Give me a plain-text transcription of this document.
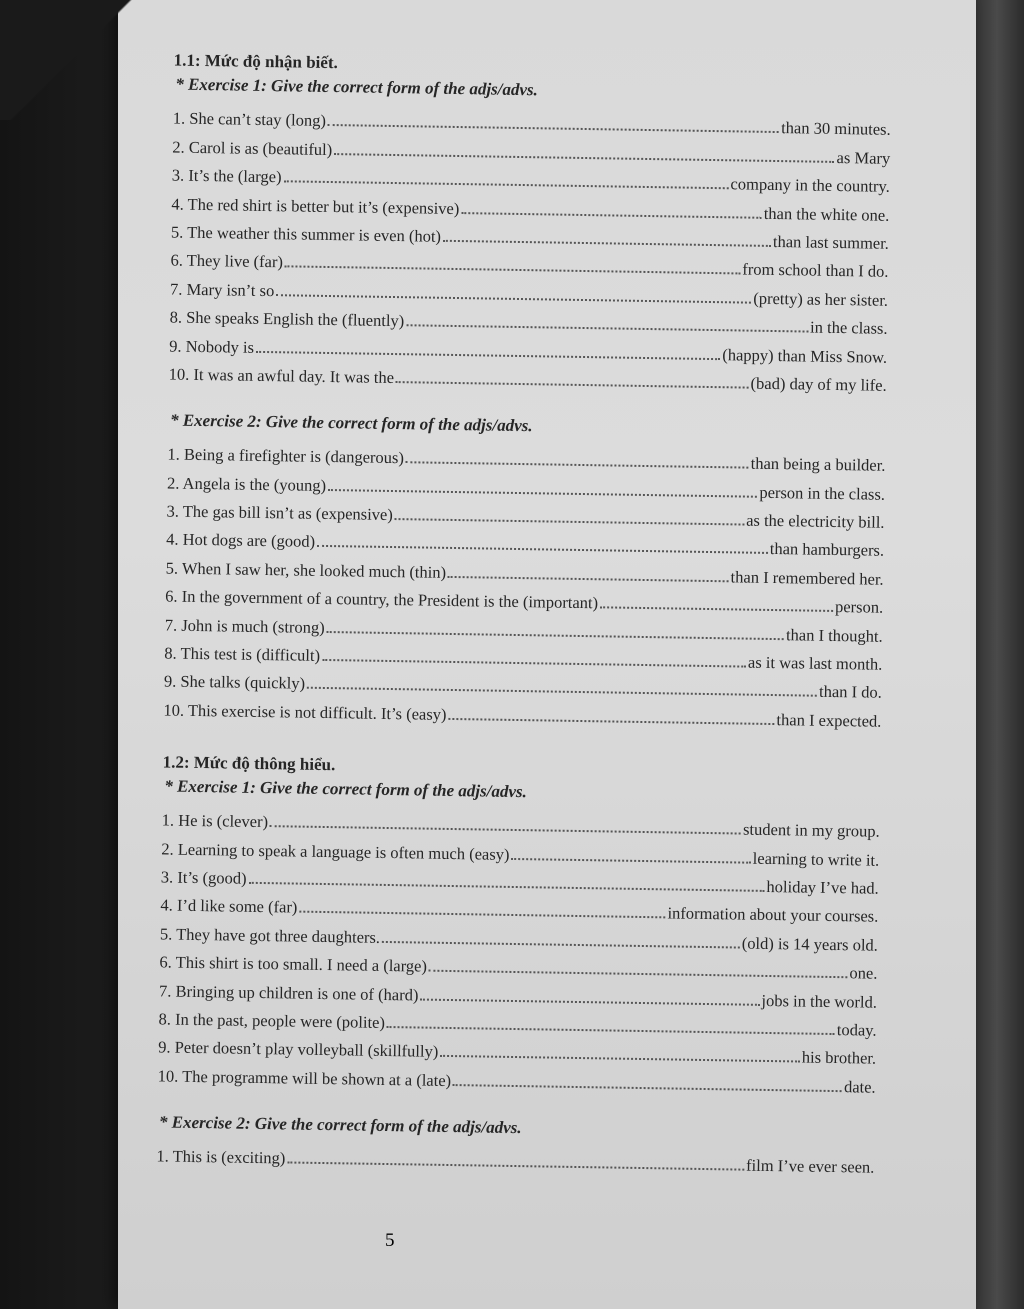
1.1: Mức độ nhận biết.
* Exercise 1: Give the correct form of the adjs/advs.
1. She can’t stay (long)	than 30 minutes.
2. Carol is as (beautiful)	as Mary
3. It’s the (large)	company in the country.
4. The red shirt is better but it’s (expensive)	than the white one.
5. The weather this summer is even (hot)	than last summer.
6. They live (far)	from school than I do.
7. Mary isn’t so	(pretty) as her sister.
8. She speaks English the (fluently)	in the class.
9. Nobody is	(happy) than Miss Snow.
10. It was an awful day. It was the	(bad) day of my life.
* Exercise 2: Give the correct form of the adjs/advs.
1. Being a firefighter is (dangerous)	than being a builder.
2. Angela is the (young)	person in the class.
3. The gas bill isn’t as (expensive)	as the electricity bill.
4. Hot dogs are (good)	than hamburgers.
5. When I saw her, she looked much (thin)	than I remembered her.
6. In the government of a country, the President is the (important)	person.
7. John is much (strong)	than I thought.
8. This test is (difficult)	as it was last month.
9. She talks (quickly)	than I do.
10. This exercise is not difficult. It’s (easy)	than I expected.
1.2: Mức độ thông hiểu.
* Exercise 1: Give the correct form of the adjs/advs.
1. He is (clever)	student in my group.
2. Learning to speak a language is often much (easy)	learning to write it.
3. It’s (good)	holiday I’ve had.
4. I’d like some (far)	information about your courses.
5. They have got three daughters.	(old) is 14 years old.
6. This shirt is too small. I need a (large)	one.
7. Bringing up children is one of (hard)	jobs in the world.
8. In the past, people were (polite)	today.
9. Peter doesn’t play volleyball (skillfully)	his brother.
10. The programme will be shown at a (late)	date.
* Exercise 2: Give the correct form of the adjs/advs.
1. This is (exciting)	film I’ve ever seen.
5
